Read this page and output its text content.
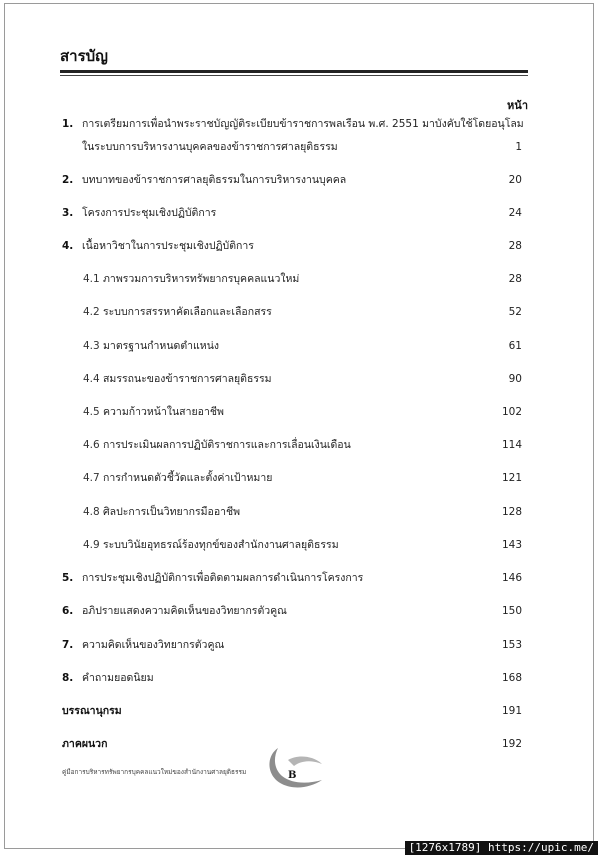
สารบัญ
หน้า
1. การเตรียมการเพื่อนำพระราชบัญญัติระเบียบข้าราชการพลเรือน พ.ศ. 2551 มาบังคับใช้โดยอนุโลม
ในระบบการบริหารงานบุคคลของข้าราชการศาลยุติธรรม	1
2. บทบาทของข้าราชการศาลยุติธรรมในการบริหารงานบุคคล	20
3. โครงการประชุมเชิงปฏิบัติการ	24
4. เนื้อหาวิชาในการประชุมเชิงปฏิบัติการ	28
4.1 ภาพรวมการบริหารทรัพยากรบุคคลแนวใหม่	28
4.2 ระบบการสรรหาคัดเลือกและเลือกสรร	52
4.3 มาตรฐานกำหนดตำแหน่ง	61
4.4 สมรรถนะของข้าราชการศาลยุติธรรม	90
4.5 ความก้าวหน้าในสายอาชีพ	102
4.6 การประเมินผลการปฏิบัติราชการและการเลื่อนเงินเดือน	114
4.7 การกำหนดตัวชี้วัดและตั้งค่าเป้าหมาย	121
4.8 ศิลปะการเป็นวิทยากรมืออาชีพ	128
4.9 ระบบวินัยอุทธรณ์ร้องทุกข์ของสำนักงานศาลยุติธรรม	143
5. การประชุมเชิงปฏิบัติการเพื่อติดตามผลการดำเนินการโครงการ	146
6. อภิปรายแสดงความคิดเห็นของวิทยากรตัวคูณ	150
7. ความคิดเห็นของวิทยากรตัวคูณ	153
8. คำถามยอดนิยม	168
บรรณานุกรม	191
ภาคผนวก	192
คู่มือการบริหารทรัพยากรบุคคลแนวใหม่ของสำนักงานศาลยุติธรรม	B
[1276x1789] https://upic.me/
